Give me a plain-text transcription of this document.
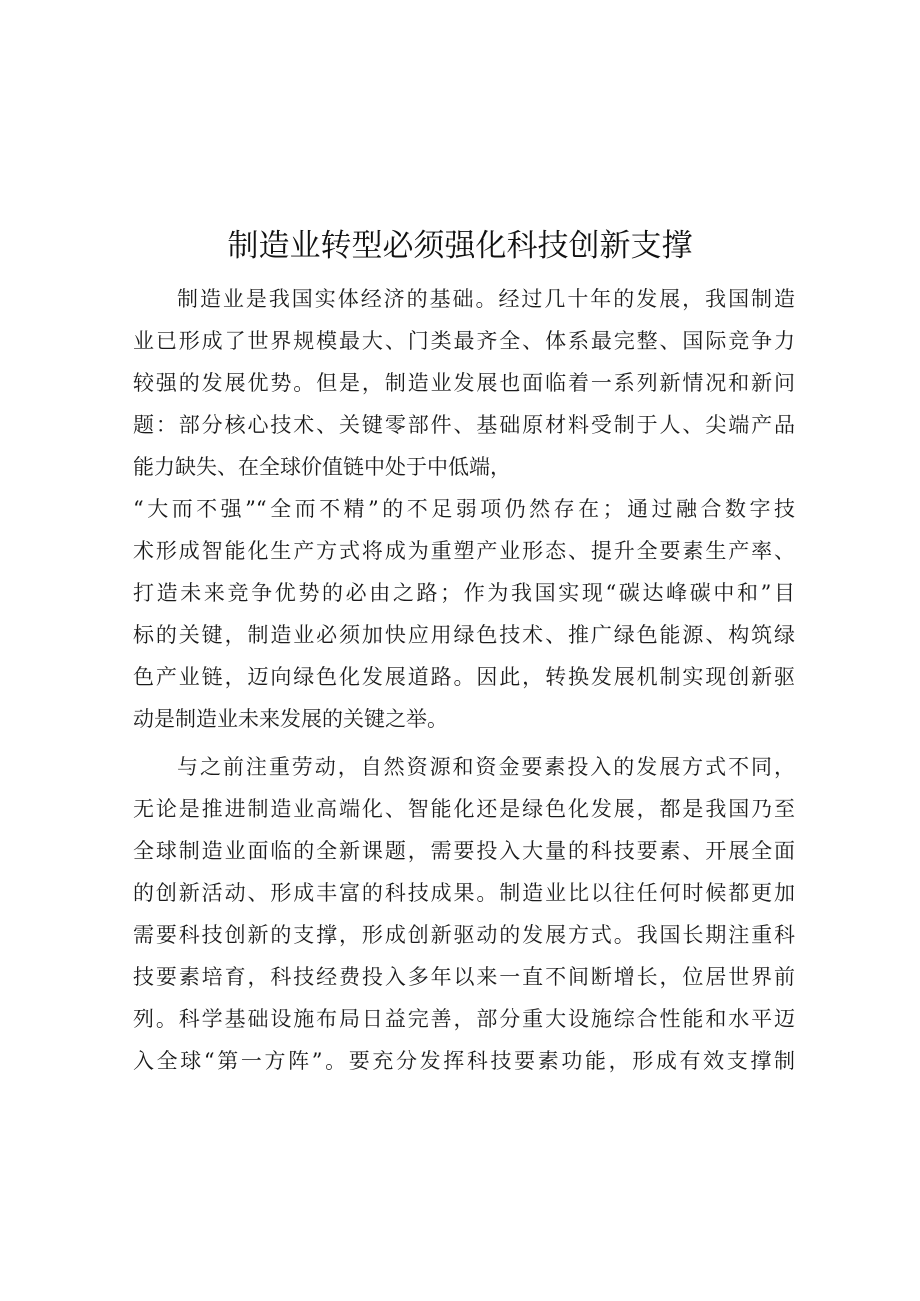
制造业转型必须强化科技创新支撑
制造业是我国实体经济的基础。经过几十年的发展，我国制造
业已形成了世界规模最大、门类最齐全、体系最完整、国际竞争力
较强的发展优势。但是，制造业发展也面临着一系列新情况和新问
题：部分核心技术、关键零部件、基础原材料受制于人、尖端产品
能力缺失、在全球价值链中处于中低端，
“大而不强”“全而不精”的不足弱项仍然存在；通过融合数字技
术形成智能化生产方式将成为重塑产业形态、提升全要素生产率、
打造未来竞争优势的必由之路；作为我国实现“碳达峰碳中和”目
标的关键，制造业必须加快应用绿色技术、推广绿色能源、构筑绿
色产业链，迈向绿色化发展道路。因此，转换发展机制实现创新驱
动是制造业未来发展的关键之举。
与之前注重劳动，自然资源和资金要素投入的发展方式不同，
无论是推进制造业高端化、智能化还是绿色化发展，都是我国乃至
全球制造业面临的全新课题，需要投入大量的科技要素、开展全面
的创新活动、形成丰富的科技成果。制造业比以往任何时候都更加
需要科技创新的支撑，形成创新驱动的发展方式。我国长期注重科
技要素培育，科技经费投入多年以来一直不间断增长，位居世界前
列。科学基础设施布局日益完善，部分重大设施综合性能和水平迈
入全球“第一方阵”。要充分发挥科技要素功能，形成有效支撑制
